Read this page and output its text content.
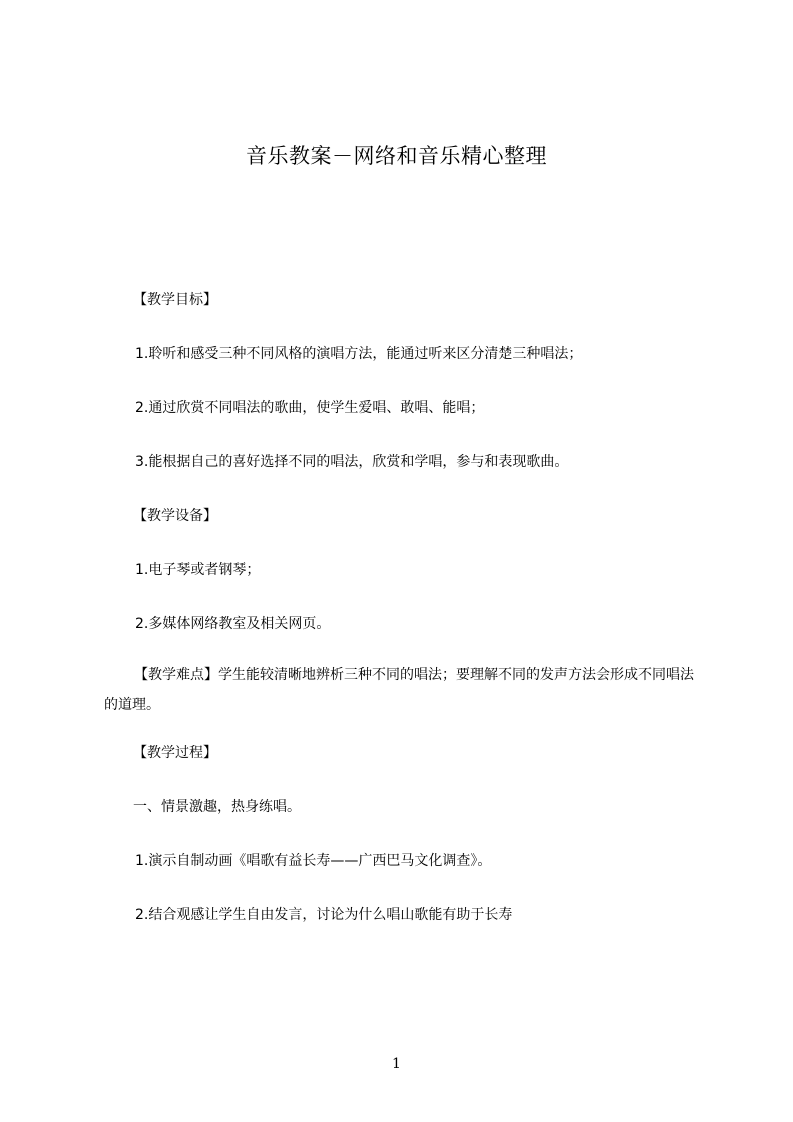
音乐教案－网络和音乐精心整理
【教学目标】
1.聆听和感受三种不同风格的演唱方法，能通过听来区分清楚三种唱法；
2.通过欣赏不同唱法的歌曲，使学生爱唱、敢唱、能唱；
3.能根据自己的喜好选择不同的唱法，欣赏和学唱，参与和表现歌曲。
【教学设备】
1.电子琴或者钢琴；
2.多媒体网络教室及相关网页。
【教学难点】学生能较清晰地辨析三种不同的唱法；要理解不同的发声方法会形成不同唱法的道理。
【教学过程】
一、情景激趣，热身练唱。
1.演示自制动画《唱歌有益长寿——广西巴马文化调查》。
2.结合观感让学生自由发言，讨论为什么唱山歌能有助于长寿
1
